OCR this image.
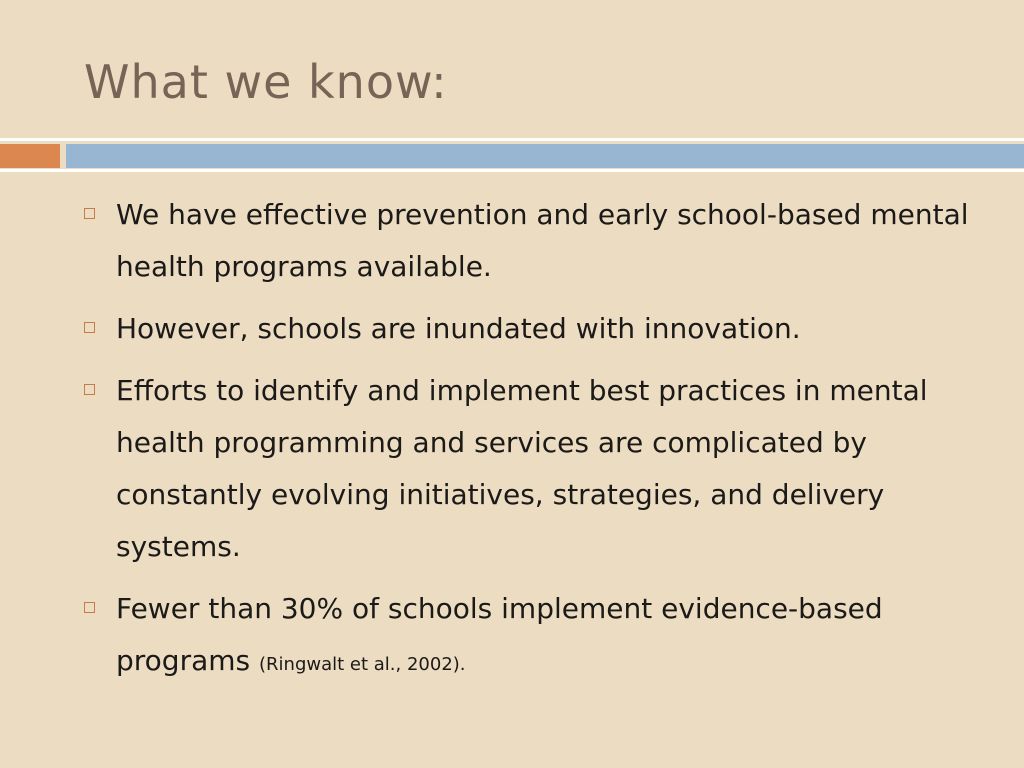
What we know:
We have effective prevention and early school-based mental health programs available.
However, schools are inundated with innovation.
Efforts to identify and implement best practices in mental health programming and services are complicated by constantly evolving initiatives, strategies, and delivery systems.
Fewer than 30% of schools implement evidence-based programs (Ringwalt et al., 2002).
